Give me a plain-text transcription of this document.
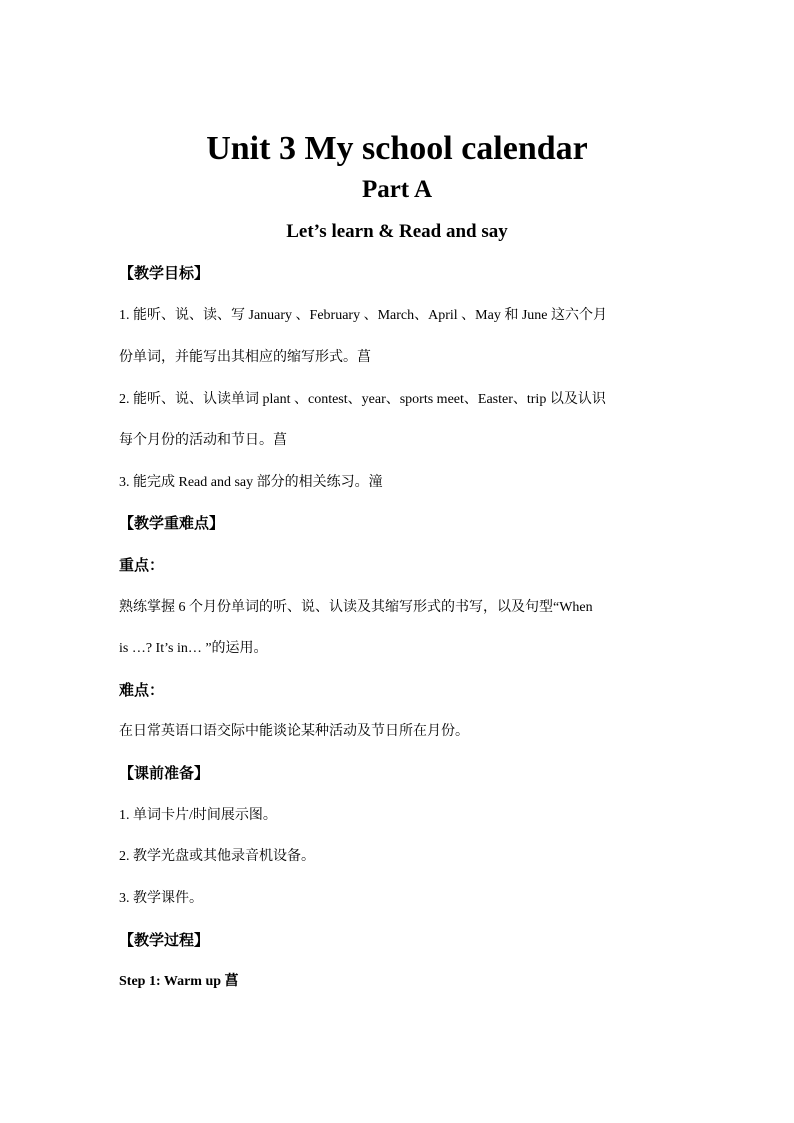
Unit 3 My school calendar
Part A
Let’s learn & Read and say
【教学目标】
1. 能听、说、读、写 January 、February 、March、April 、May 和 June 这六个月
份单词，并能写出其相应的缩写形式。菖
2. 能听、说、认读单词 plant 、contest、year、sports meet、Easter、trip 以及认识
每个月份的活动和节日。菖
3. 能完成 Read and say 部分的相关练习。潼
【教学重难点】
重点：
熟练掌握 6 个月份单词的听、说、认读及其缩写形式的书写，以及句型“When
is …? It’s in… ”的运用。
难点：
在日常英语口语交际中能谈论某种活动及节日所在月份。
【课前准备】
1. 单词卡片/时间展示图。
2. 教学光盘或其他录音机设备。
3. 教学课件。
【教学过程】
Step 1: Warm up 菖
